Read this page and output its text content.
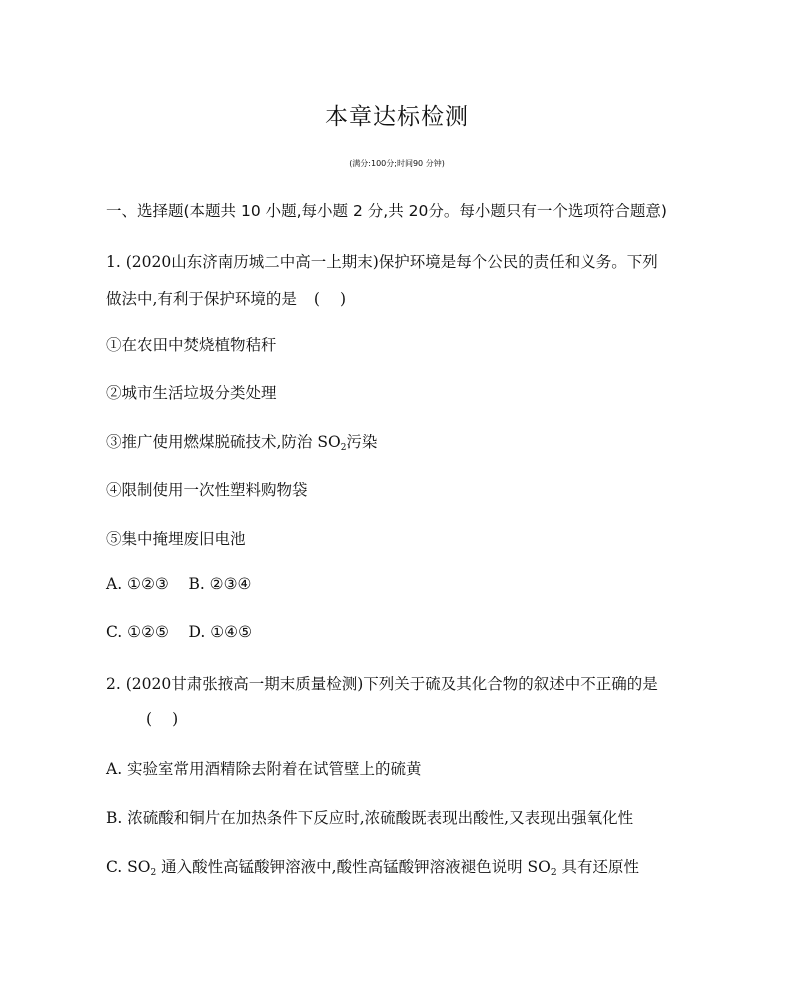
本章达标检测
(满分:100分;时间90 分钟)
一、选择题(本题共 10 小题,每小题 2 分,共 20分。每小题只有一个选项符合题意)
1. (2020山东济南历城二中高一上期末)保护环境是每个公民的责任和义务。下列
做法中,有利于保护环境的是 ( )
①在农田中焚烧植物秸秆
②城市生活垃圾分类处理
③推广使用燃煤脱硫技术,防治 $SO_2$污染
④限制使用一次性塑料购物袋
⑤集中掩埋废旧电池
A. ①②③    B. ②③④
C. ①②⑤    D. ①④⑤
2. (2020甘肃张掖高一期末质量检测)下列关于硫及其化合物的叙述中不正确的是
( )
A. 实验室常用酒精除去附着在试管壁上的硫黄
B. 浓硫酸和铜片在加热条件下反应时,浓硫酸既表现出酸性,又表现出强氧化性
C. $SO_2$ 通入酸性高锰酸钾溶液中,酸性高锰酸钾溶液褪色说明 $SO_2$ 具有还原性
